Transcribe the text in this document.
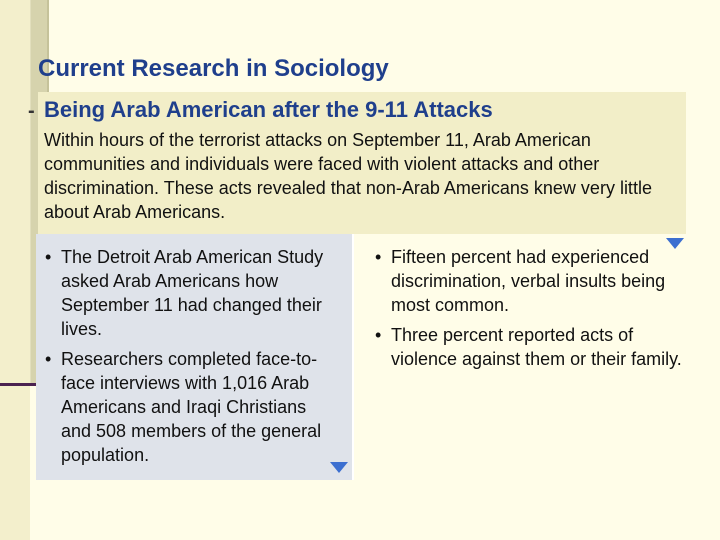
Current Research in Sociology
- Being Arab American after the 9-11 Attacks

Within hours of the terrorist attacks on September 11, Arab American communities and individuals were faced with violent attacks and other discrimination. These acts revealed that non-Arab Americans knew very little about Arab Americans.

• The Detroit Arab American Study asked Arab Americans how September 11 had changed their lives.
• Researchers completed face-to-face interviews with 1,016 Arab Americans and Iraqi Christians and 508 members of the general population.
• Fifteen percent had experienced discrimination, verbal insults being most common.
• Three percent reported acts of violence against them or their family.
